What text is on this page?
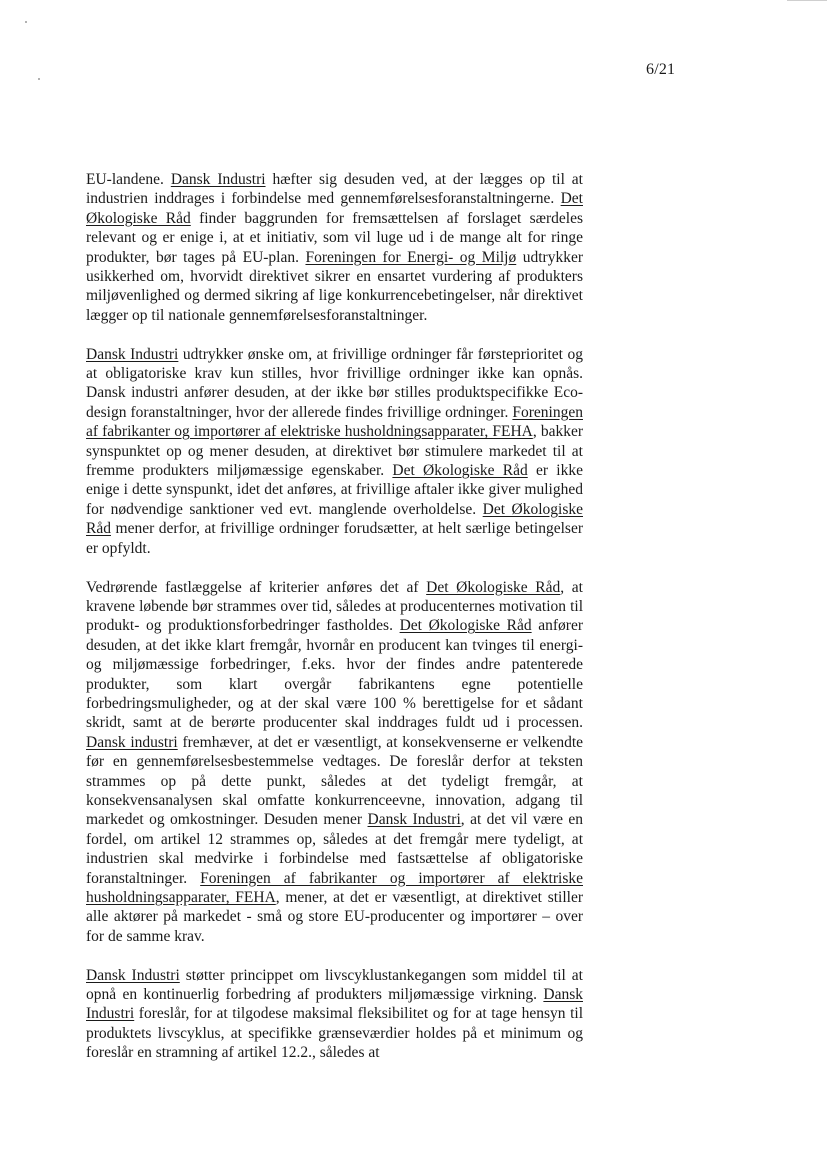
6/21

EU-landene. Dansk Industri hæfter sig desuden ved, at der lægges op til at industrien inddrages i forbindelse med gennemførelsesforanstaltningerne. Det Økologiske Råd finder baggrunden for fremsættelsen af forslaget særdeles relevant og er enige i, at et initiativ, som vil luge ud i de mange alt for ringe produkter, bør tages på EU-plan. Foreningen for Energi- og Miljø udtrykker usikkerhed om, hvorvidt direktivet sikrer en ensartet vurdering af produkters miljøvenlighed og dermed sikring af lige konkurrencebetingelser, når direktivet lægger op til nationale gennemførelsesforanstaltninger.

Dansk Industri udtrykker ønske om, at frivillige ordninger får førsteprioritet og at obligatoriske krav kun stilles, hvor frivillige ordninger ikke kan opnås. Dansk industri anfører desuden, at der ikke bør stilles produktspecifikke Eco-design foranstaltninger, hvor der allerede findes frivillige ordninger. Foreningen af fabrikanter og importører af elektriske husholdningsapparater, FEHA, bakker synspunktet op og mener desuden, at direktivet bør stimulere markedet til at fremme produkters miljømæssige egenskaber. Det Økologiske Råd er ikke enige i dette synspunkt, idet det anføres, at frivillige aftaler ikke giver mulighed for nødvendige sanktioner ved evt. manglende overholdelse. Det Økologiske Råd mener derfor, at frivillige ordninger forudsætter, at helt særlige betingelser er opfyldt.

Vedrørende fastlæggelse af kriterier anføres det af Det Økologiske Råd, at kravene løbende bør strammes over tid, således at producenternes motivation til produkt- og produktionsforbedringer fastholdes. Det Økologiske Råd anfører desuden, at det ikke klart fremgår, hvornår en producent kan tvinges til energi- og miljømæssige forbedringer, f.eks. hvor der findes andre patenterede produkter, som klart overgår fabrikantens egne potentielle forbedringsmuligheder, og at der skal være 100 % berettigelse for et sådant skridt, samt at de berørte producenter skal inddrages fuldt ud i processen. Dansk industri fremhæver, at det er væsentligt, at konsekvenserne er velkendte før en gennemførelsesbestemmelse vedtages. De foreslår derfor at teksten strammes op på dette punkt, således at det tydeligt fremgår, at konsekvensanalysen skal omfatte konkurrenceevne, innovation, adgang til markedet og omkostninger. Desuden mener Dansk Industri, at det vil være en fordel, om artikel 12 strammes op, således at det fremgår mere tydeligt, at industrien skal medvirke i forbindelse med fastsættelse af obligatoriske foranstaltninger. Foreningen af fabrikanter og importører af elektriske husholdningsapparater, FEHA, mener, at det er væsentligt, at direktivet stiller alle aktører på markedet - små og store EU-producenter og importører – over for de samme krav.

Dansk Industri støtter princippet om livscyklustankegangen som middel til at opnå en kontinuerlig forbedring af produkters miljømæssige virkning. Dansk Industri foreslår, for at tilgodese maksimal fleksibilitet og for at tage hensyn til produktets livscyklus, at specifikke grænseværdier holdes på et minimum og foreslår en stramning af artikel 12.2., således at
